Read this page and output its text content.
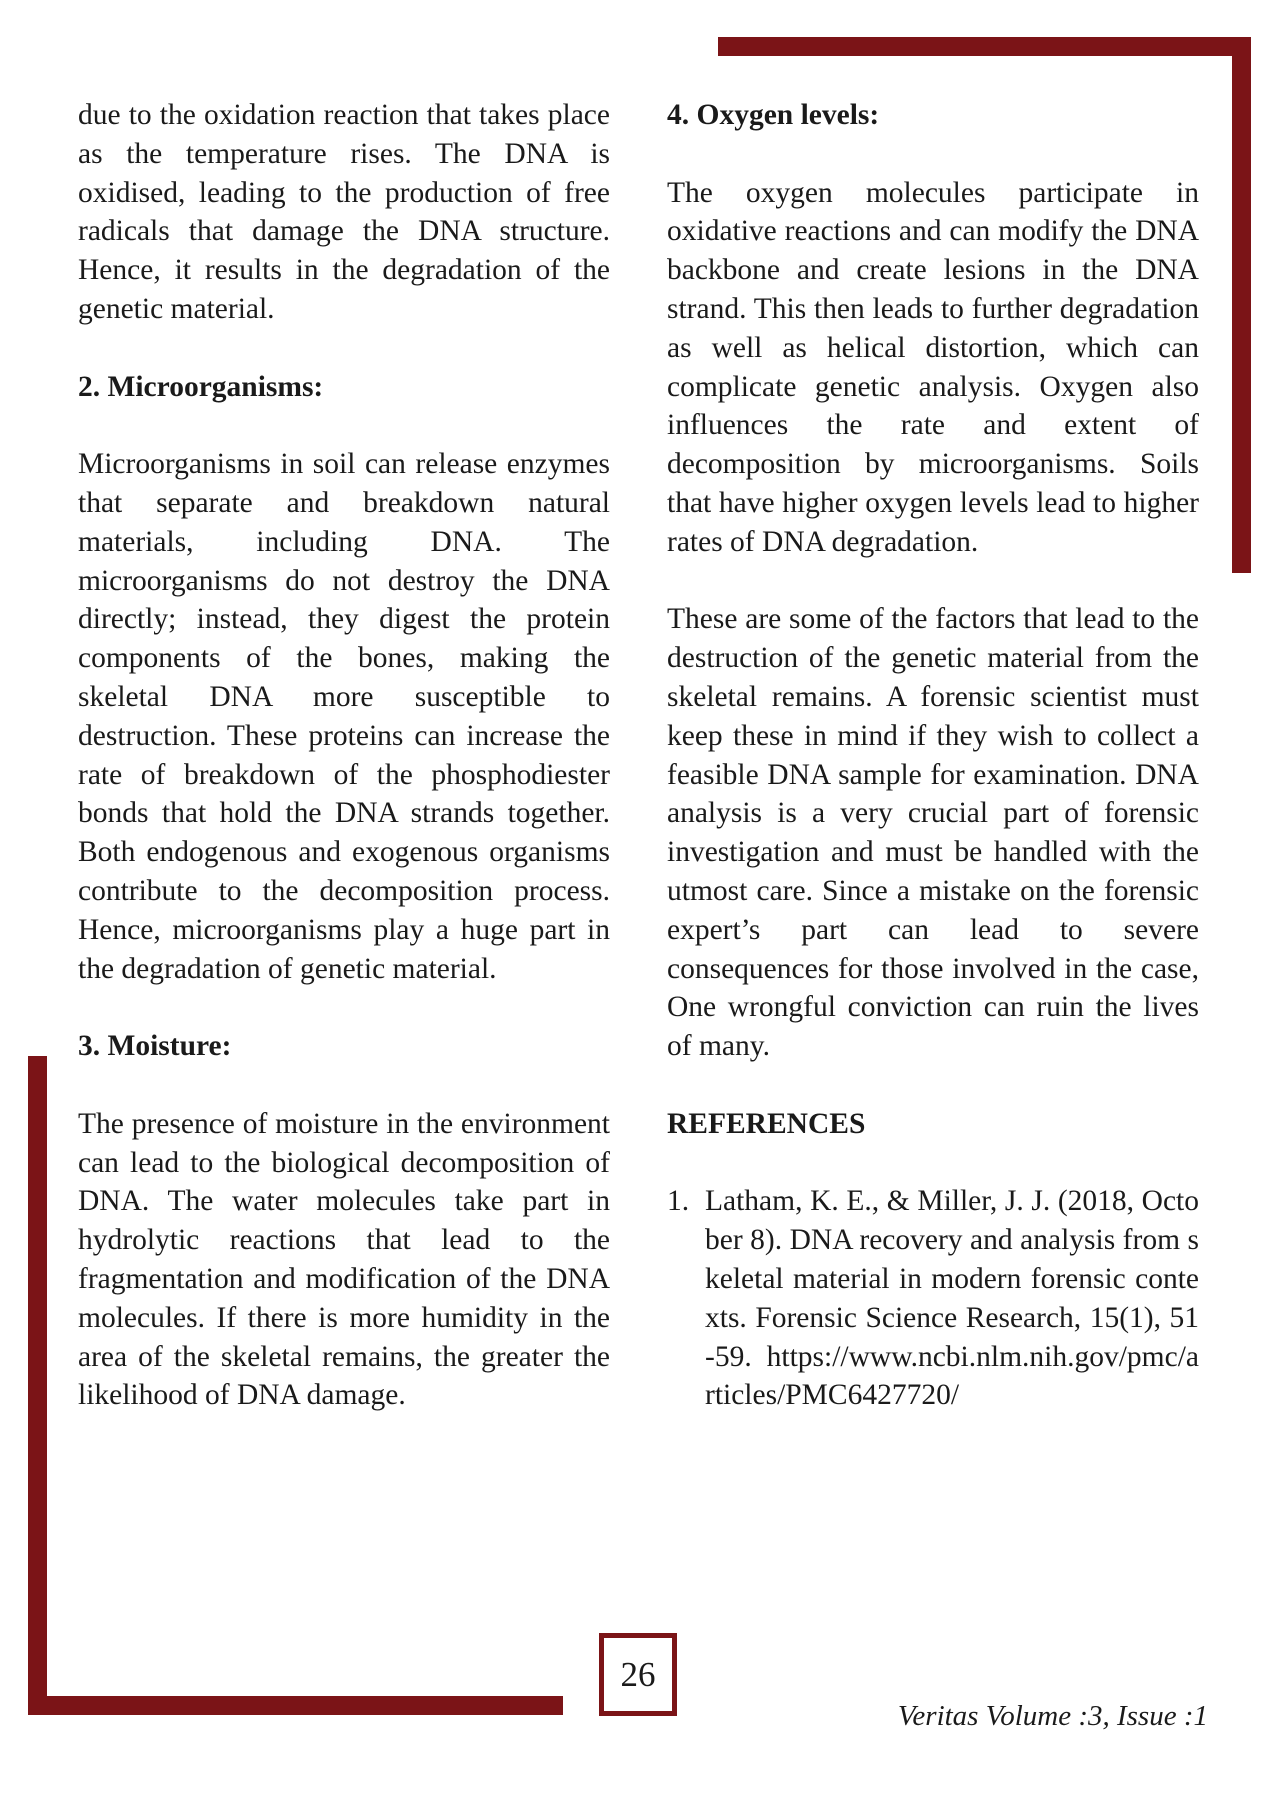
due to the oxidation reaction that takes place as the temperature rises. The DNA is oxidised, leading to the production of free radicals that damage the DNA structure. Hence, it results in the degradation of the genetic material.

2. Microorganisms:

Microorganisms in soil can release enzymes that separate and breakdown natural materials, including DNA. The microorganisms do not destroy the DNA directly; instead, they digest the protein components of the bones, making the skeletal DNA more susceptible to destruction. These proteins can increase the rate of breakdown of the phosphodiester bonds that hold the DNA strands together. Both endogenous and exogenous organisms contribute to the decomposition process. Hence, microorganisms play a huge part in the degradation of genetic material.

3. Moisture:

The presence of moisture in the environment can lead to the biological decomposition of DNA. The water molecules take part in hydrolytic reactions that lead to the fragmentation and modification of the DNA molecules. If there is more humidity in the area of the skeletal remains, the greater the likelihood of DNA damage.

4. Oxygen levels:

The oxygen molecules participate in oxidative reactions and can modify the DNA backbone and create lesions in the DNA strand. This then leads to further degradation as well as helical distortion, which can complicate genetic analysis. Oxygen also influences the rate and extent of decomposition by microorganisms. Soils that have higher oxygen levels lead to higher rates of DNA degradation.

These are some of the factors that lead to the destruction of the genetic material from the skeletal remains. A forensic scientist must keep these in mind if they wish to collect a feasible DNA sample for examination. DNA analysis is a very crucial part of forensic investigation and must be handled with the utmost care. Since a mistake on the forensic expert’s part can lead to severe consequences for those involved in the case, One wrongful conviction can ruin the lives of many.

REFERENCES
1. Latham, K. E., & Miller, J. J. (2018, October 8). DNA recovery and analysis from skeletal material in modern forensic contexts. Forensic Science Research, 15(1), 51-59. https://www.ncbi.nlm.nih.gov/pmc/articles/PMC6427720/
26
Veritas Volume :3, Issue :1
